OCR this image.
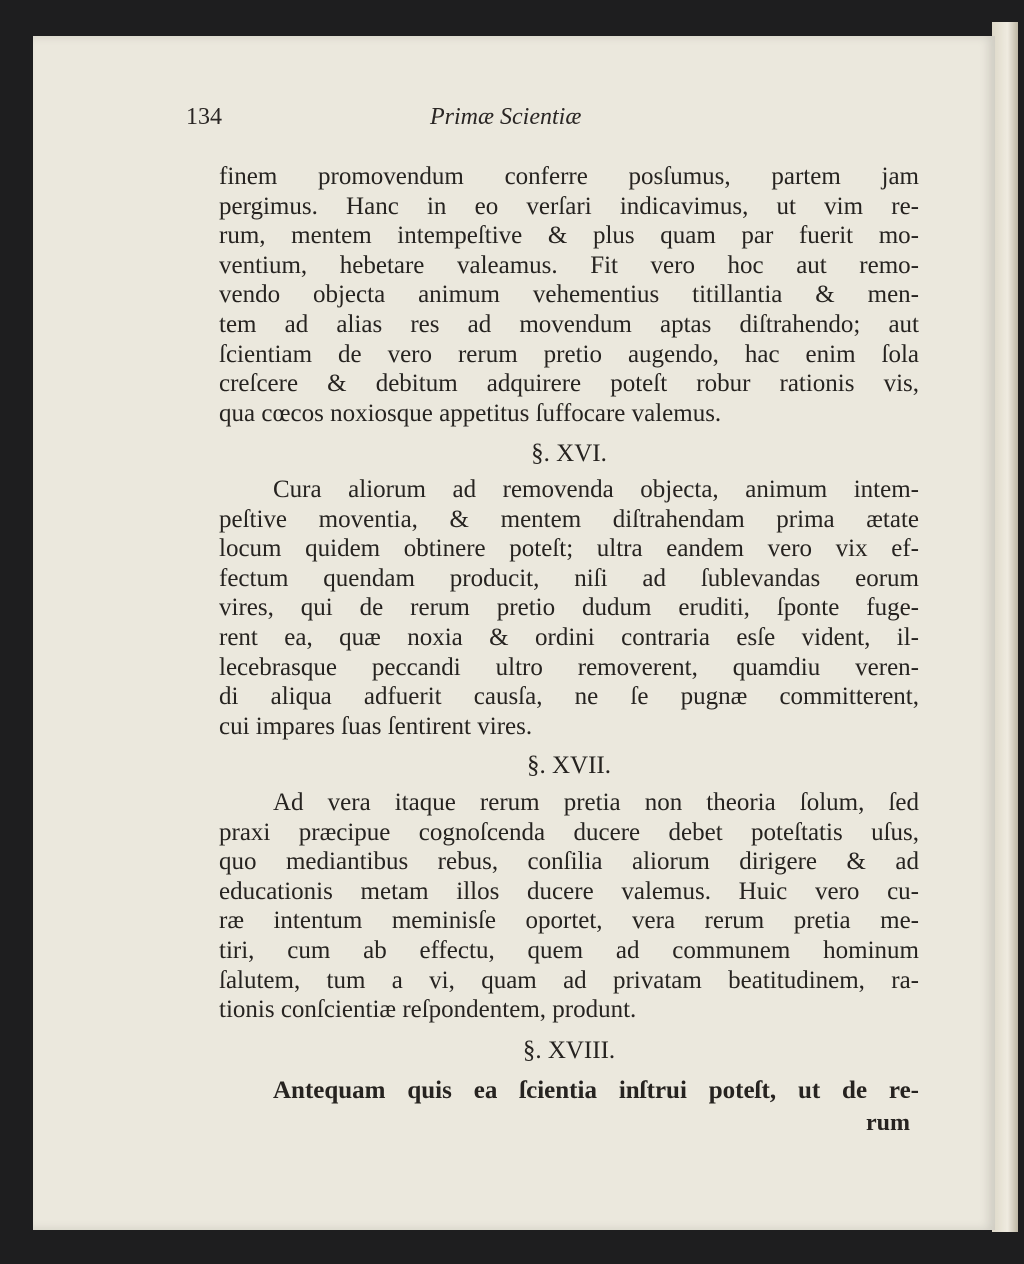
134	Primæ Scientiæ
finem promovendum conferre posſumus, partem jam
pergimus. Hanc in eo verſari indicavimus, ut vim re-
rum, mentem intempeſtive & plus quam par fuerit mo-
ventium, hebetare valeamus. Fit vero hoc aut remo-
vendo objecta animum vehementius titillantia & men-
tem ad alias res ad movendum aptas diſtrahendo; aut
ſcientiam de vero rerum pretio augendo, hac enim ſola
creſcere & debitum adquirere poteſt robur rationis vis,
qua cœcos noxiosque appetitus ſuffocare valemus.
§. XVI.
Cura aliorum ad removenda objecta, animum intem-
peſtive moventia, & mentem diſtrahendam prima ætate
locum quidem obtinere poteſt; ultra eandem vero vix ef-
fectum quendam producit, niſi ad ſublevandas eorum
vires, qui de rerum pretio dudum eruditi, ſponte fuge-
rent ea, quæ noxia & ordini contraria esſe vident, il-
lecebrasque peccandi ultro removerent, quamdiu veren-
di aliqua adfuerit causſa, ne ſe pugnæ committerent,
cui impares ſuas ſentirent vires.
§. XVII.
Ad vera itaque rerum pretia non theoria ſolum, ſed
praxi præcipue cognoſcenda ducere debet poteſtatis uſus,
quo mediantibus rebus, conſilia aliorum dirigere & ad
educationis metam illos ducere valemus. Huic vero cu-
ræ intentum meminisſe oportet, vera rerum pretia me-
tiri, cum ab effectu, quem ad communem hominum
ſalutem, tum a vi, quam ad privatam beatitudinem, ra-
tionis conſcientiæ reſpondentem, produnt.
§. XVIII.
Antequam quis ea ſcientia inſtrui poteſt, ut de re-
rum
